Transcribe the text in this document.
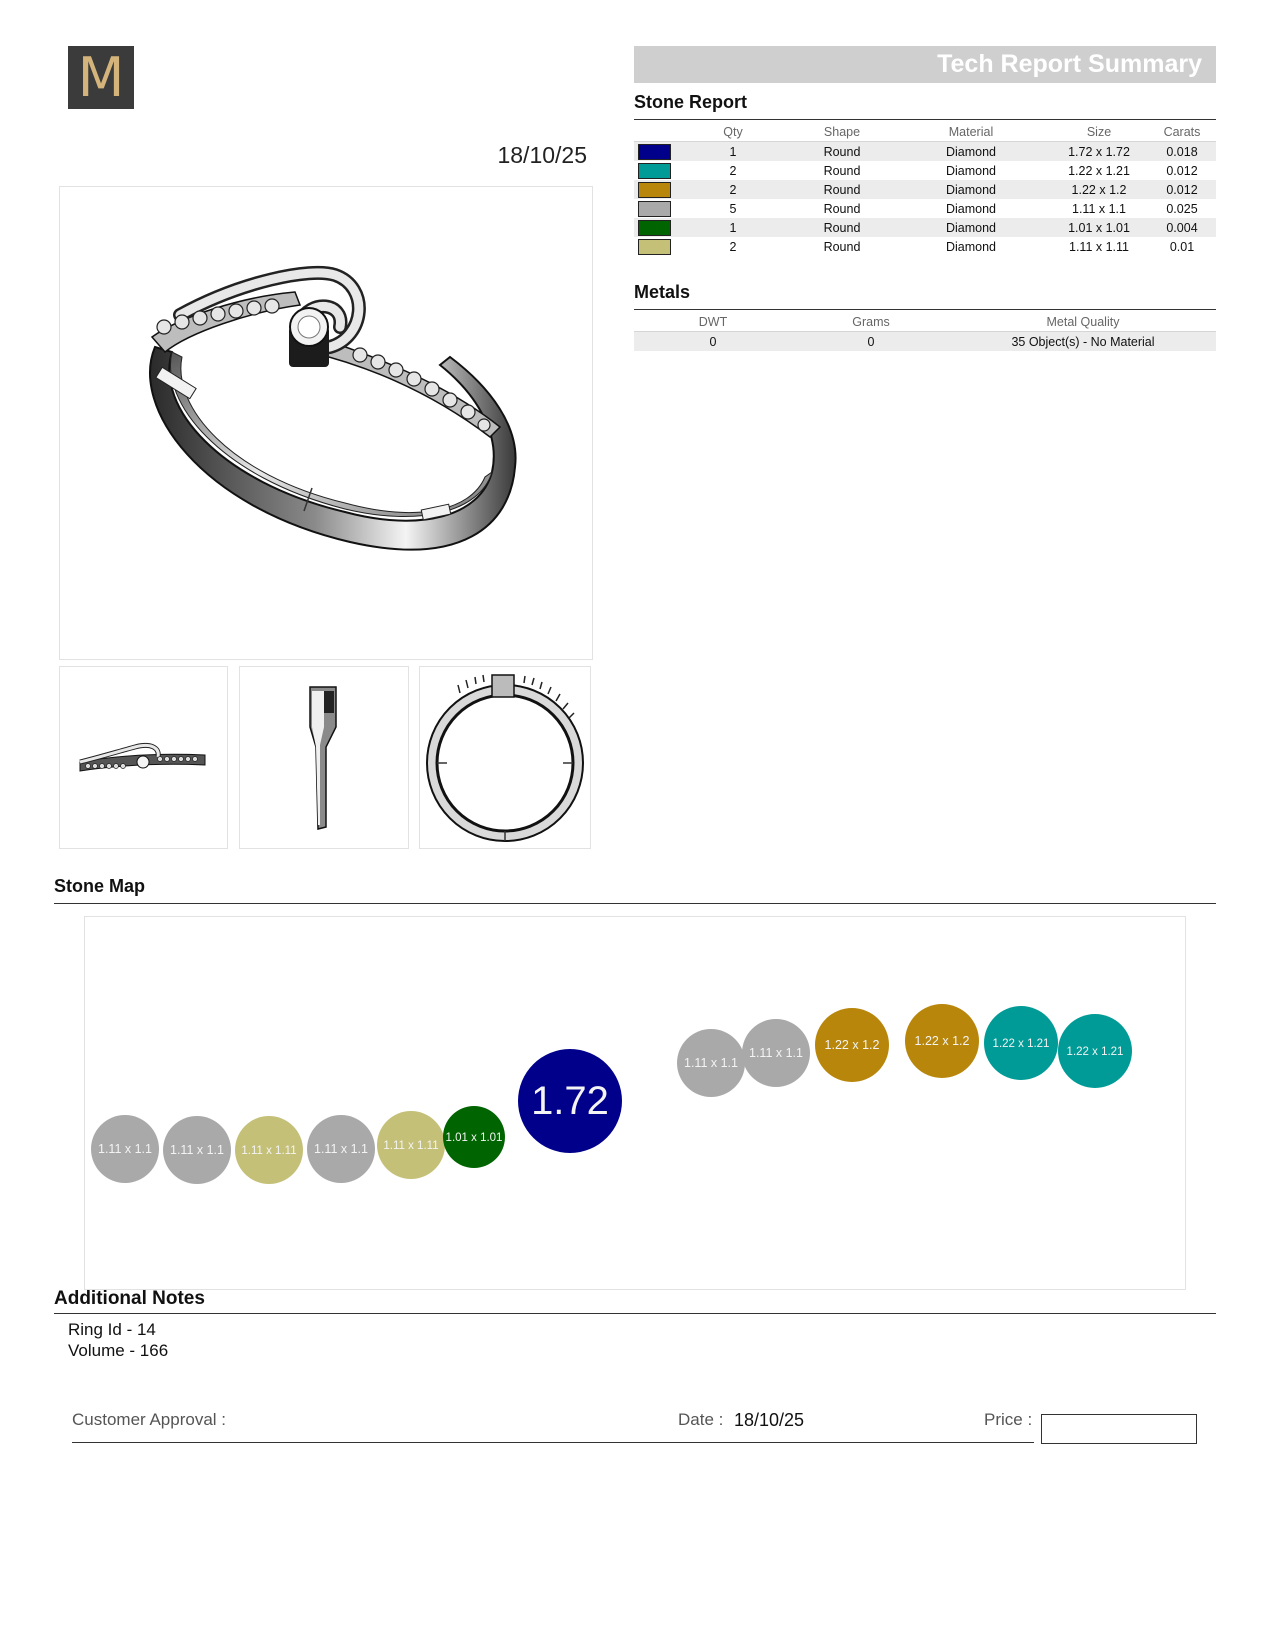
M	Tech Report Summary
18/10/25
Stone Report
	Qty	Shape	Material	Size	Carats
	1	Round	Diamond	1.72 x 1.72	0.018
	2	Round	Diamond	1.22 x 1.21	0.012
	2	Round	Diamond	1.22 x 1.2	0.012
	5	Round	Diamond	1.11 x 1.1	0.025
	1	Round	Diamond	1.01 x 1.01	0.004
	2	Round	Diamond	1.11 x 1.11	0.01
Metals
DWT	Grams	Metal Quality
0	0	35 Object(s) - No Material
Stone Map
1.11 x 1.1 1.11 x 1.1 1.11 x 1.11 1.11 x 1.1 1.11 x 1.11
1.01 x 1.01
1.72
1.11 x 1.1
1.11 x 1.1
1.22 x 1.2	1.22 x 1.2 1.22 x 1.21
1.22 x 1.21
Additional Notes
Ring Id - 14
Volume - 166
Customer Approval :	Date : 18/10/25	Price :
